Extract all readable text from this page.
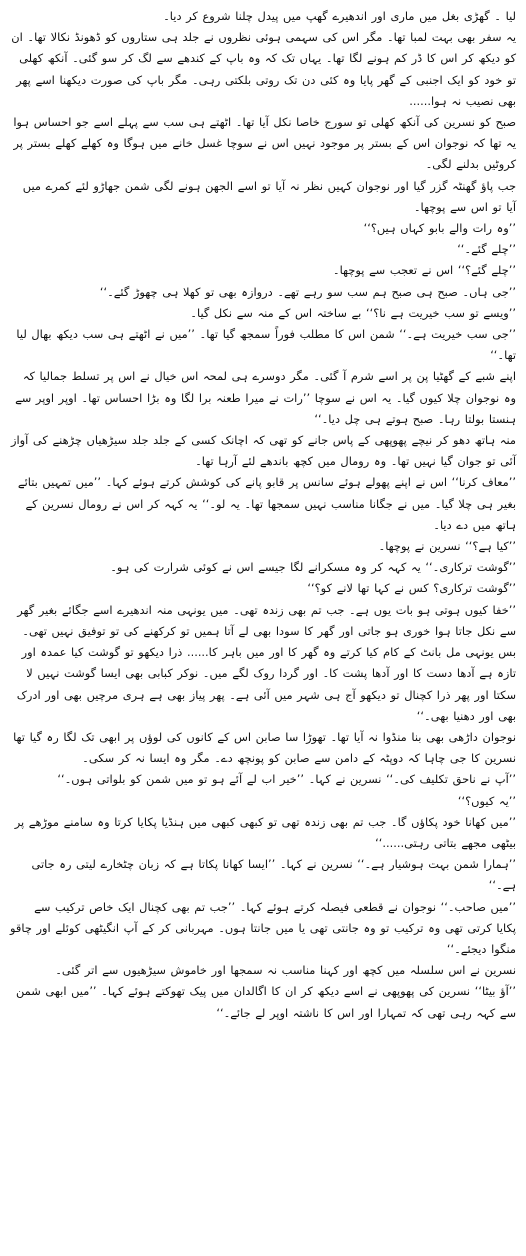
لیا ۔ گھڑی بغل میں ماری اور اندھیرے گھپ میں پیدل چلنا شروع کر دیا۔

یہ سفر بھی بہت لمبا تھا۔ مگر اس کی سہمی ہوئی نظروں نے جلد ہی ستاروں کو ڈھونڈ نکالا تھا۔ ان کو دیکھ کر اس کا ڈر کم ہونے لگا تھا۔ یہاں تک کہ وہ باپ کے کندھے سے لگ کر سو گئی۔ آنکھ کھلی تو خود کو ایک اجنبی کے گھر پایا وہ کئی دن تک روتی بلکتی رہی۔ مگر باپ کی صورت دیکھنا اسے پھر بھی نصیب نہ ہوا......

صبح کو نسرین کی آنکھ کھلی تو سورج خاصا نکل آیا تھا۔ اٹھتے ہی سب سے پہلے اسے جو احساس ہوا یہ تھا کہ نوجوان اس کے بستر پر موجود نہیں اس نے سوچا غسل خانے میں ہوگا وہ کھلے کھلے بستر پر کروٹیں بدلنے لگی۔

جب پاؤ گھنٹہ گزر گیا اور نوجوان کہیں نظر نہ آیا تو اسے الجھن ہونے لگی شمن جھاڑو لئے کمرے میں آیا تو اس سے پوچھا۔

’’وہ رات والے بابو کہاں ہیں؟‘‘

’’چلے گئے۔‘‘

’’چلے گئے؟‘‘ اس نے تعجب سے پوچھا۔

’’جی ہاں۔ صبح ہی صبح ہم سب سو رہے تھے۔ دروازہ بھی تو کھلا ہی چھوڑ گئے۔‘‘

’’ویسے تو سب خیریت ہے نا؟‘‘ بے ساختہ اس کے منہ سے نکل گیا۔

’’جی سب خیریت ہے۔‘‘ شمن اس کا مطلب فوراً سمجھ گیا تھا۔ ’’میں نے اٹھتے ہی سب دیکھ بھال لیا تھا۔‘‘

اپنے شبے کے گھٹیا پن پر اسے شرم آ گئی۔ مگر دوسرے ہی لمحہ اس خیال نے اس پر تسلط جمالیا کہ وہ نوجوان چلا کیوں گیا۔ یہ اس نے سوچا ’’رات نے میرا طعنہ برا لگا وہ بڑا احساس تھا۔ اوپر اوپر سے ہنستا بولتا رہا۔ صبح ہوتے ہی چل دیا۔‘‘

منہ ہاتھ دھو کر نیچے پھوپھی کے پاس جانے کو تھی کہ اچانک کسی کے جلد جلد سیڑھیاں چڑھنے کی آواز آئی تو جوان گیا نہیں تھا۔ وہ رومال میں کچھ باندھے لئے آرہا تھا۔

’’معاف کرنا‘‘ اس نے اپنے پھولے ہوئے سانس پر قابو پانے کی کوشش کرتے ہوئے کہا۔ ’’میں تمہیں بتائے بغیر ہی چلا گیا۔ میں نے جگانا مناسب نہیں سمجھا تھا۔ یہ لو۔‘‘ یہ کہہ کر اس نے رومال نسرین کے ہاتھ میں دے دیا۔

’’کیا ہے؟‘‘ نسرین نے پوچھا۔

’’گوشت ترکاری۔‘‘ یہ کہہ کر وہ مسکرانے لگا جیسے اس نے کوئی شرارت کی ہو۔

’’گوشت ترکاری؟ کس نے کہا تھا لانے کو؟‘‘

’’خفا کیوں ہوتی ہو بات یوں ہے۔ جب تم بھی زندہ تھی۔ میں یونہی منہ اندھیرے اسے جگائے بغیر گھر سے نکل جاتا ہوا خوری ہو جاتی اور گھر کا سودا بھی لے آتا ہمیں تو کرکھنے کی تو توفیق نہیں تھی۔ بس یونہی مل بانٹ کے کام کیا کرتے وہ گھر کا اور میں باہر کا...... ذرا دیکھو تو گوشت کیا عمدہ اور تازہ ہے آدھا دست کا اور آدھا پشت کا۔ اور گردا روک لگے میں۔ نوکر کبابی بھی ایسا گوشت نہیں لا سکتا اور پھر ذرا کچنال تو دیکھو آج ہی شہر میں آئی ہے۔ پھر پیاز بھی ہے ہری مرچیں بھی اور ادرک بھی اور دھنیا بھی۔‘‘

نوجوان داڑھی بھی بنا منڈوا نہ آیا تھا۔ تھوڑا سا صابن اس کے کانوں کی لوؤں پر ابھی تک لگا رہ گیا تھا نسرین کا جی چاہا کہ دوپٹہ کے دامن سے صابن کو پونچھ دے۔ مگر وہ ایسا نہ کر سکی۔

’’آپ نے ناحق تکلیف کی۔‘‘ نسرین نے کہا۔ ’’خیر اب لے آئے ہو تو میں شمن کو بلواتی ہوں۔‘‘

’’یہ کیوں؟‘‘

’’میں کھانا خود پکاؤں گا۔ جب تم بھی زندہ تھی تو کبھی کبھی میں ہنڈیا پکایا کرتا وہ سامنے موڑھے پر بیٹھی مجھے بتاتی رہتی......‘‘

’’ہمارا شمن بہت ہوشیار ہے۔‘‘ نسرین نے کہا۔ ’’ایسا کھانا پکاتا ہے کہ زبان چٹخارے لیتی رہ جاتی ہے۔‘‘

’’میں صاحب۔‘‘ نوجوان نے قطعی فیصلہ کرتے ہوئے کہا۔ ’’جب تم بھی کچنال ایک خاص ترکیب سے پکایا کرتی تھی وہ ترکیب تو وہ جانتی تھی یا میں جانتا ہوں۔ مہربانی کر کے آپ انگیٹھی کوئلے اور چاقو منگوا دیجئے۔‘‘

نسرین نے اس سلسلہ میں کچھ اور کہنا مناسب نہ سمجھا اور خاموش سیڑھیوں سے اتر گئی۔

’’آؤ بیٹا‘‘ نسرین کی پھوپھی نے اسے دیکھ کر ان کا اگالدان میں پیک تھوکتے ہوئے کہا۔ ’’میں ابھی شمن سے کہہ رہی تھی کہ تمہارا اور اس کا ناشتہ اوپر لے جائے۔‘‘
